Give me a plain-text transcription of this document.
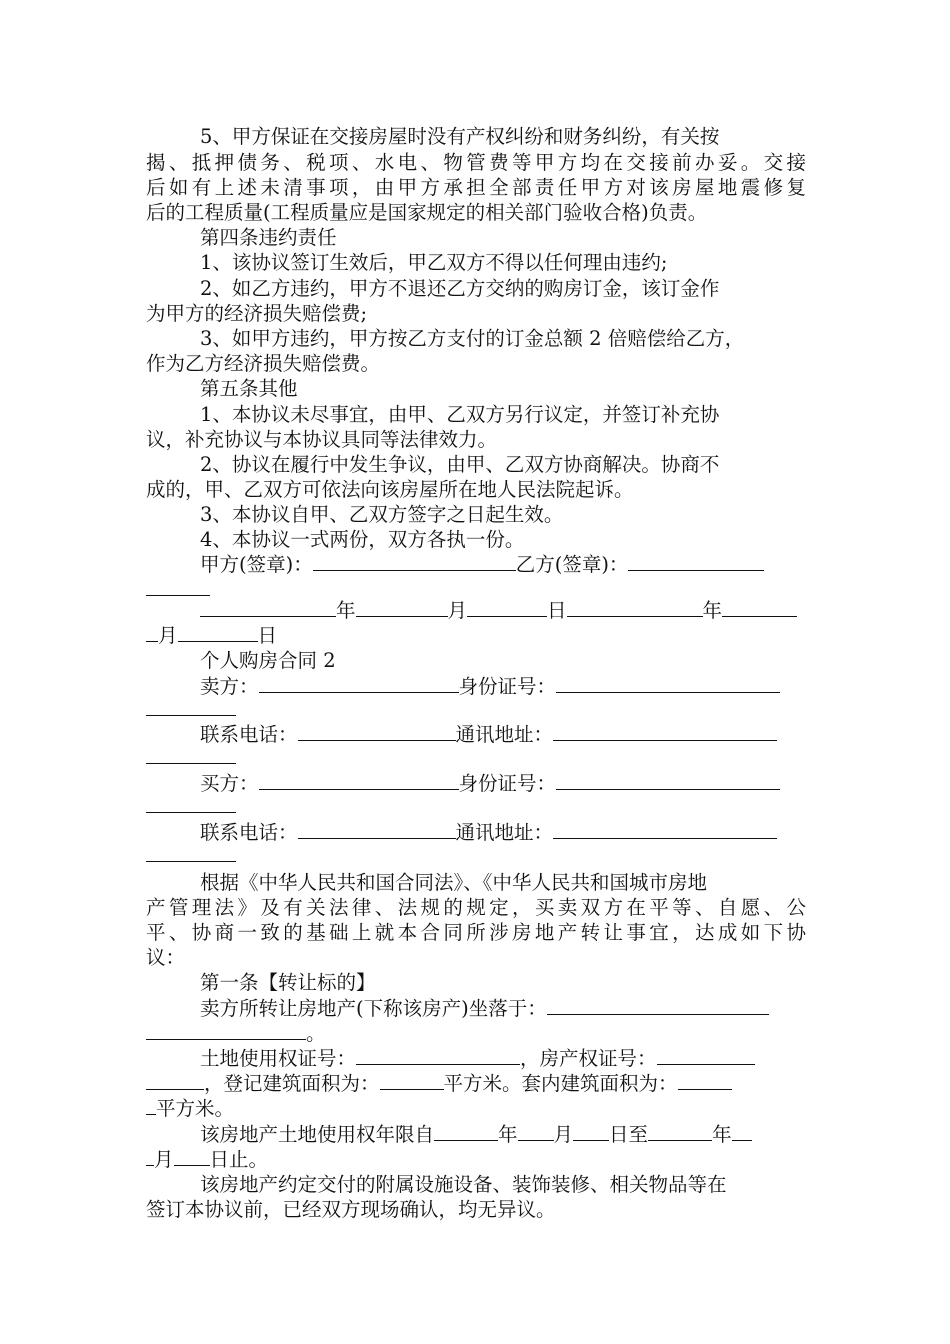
5、甲方保证在交接房屋时没有产权纠纷和财务纠纷，有关按
揭、抵押债务、税项、水电、物管费等甲方均在交接前办妥。交接
后如有上述未清事项，由甲方承担全部责任甲方对该房屋地震修复
后的工程质量(工程质量应是国家规定的相关部门验收合格)负责。
第四条违约责任
1、该协议签订生效后，甲乙双方不得以任何理由违约;
2、如乙方违约，甲方不退还乙方交纳的购房订金，该订金作
为甲方的经济损失赔偿费;
3、如甲方违约，甲方按乙方支付的订金总额 2 倍赔偿给乙方，
作为乙方经济损失赔偿费。
第五条其他
1、本协议未尽事宜，由甲、乙双方另行议定，并签订补充协
议，补充协议与本协议具同等法律效力。
2、协议在履行中发生争议，由甲、乙双方协商解决。协商不
成的，甲、乙双方可依法向该房屋所在地人民法院起诉。
3、本协议自甲、乙双方签字之日起生效。
4、本协议一式两份，双方各执一份。
甲方(签章)：	乙方(签章)：
年	月	日	年
月	日
个人购房合同 2
卖方：	身份证号：
联系电话：	通讯地址：
买方：	身份证号：
联系电话：	通讯地址：
根据《中华人民共和国合同法》、《中华人民共和国城市房地
产管理法》及有关法律、法规的规定，买卖双方在平等、自愿、公
平、协商一致的基础上就本合同所涉房地产转让事宜，达成如下协
议：
第一条【转让标的】
卖方所转让房地产(下称该房产)坐落于：
。
土地使用权证号：	，房产权证号：
，登记建筑面积为：	平方米。套内建筑面积为：
平方米。
该房地产土地使用权年限自	年 月 日至	年
月 日止。
该房地产约定交付的附属设施设备、装饰装修、相关物品等在
签订本协议前，已经双方现场确认，均无异议。
